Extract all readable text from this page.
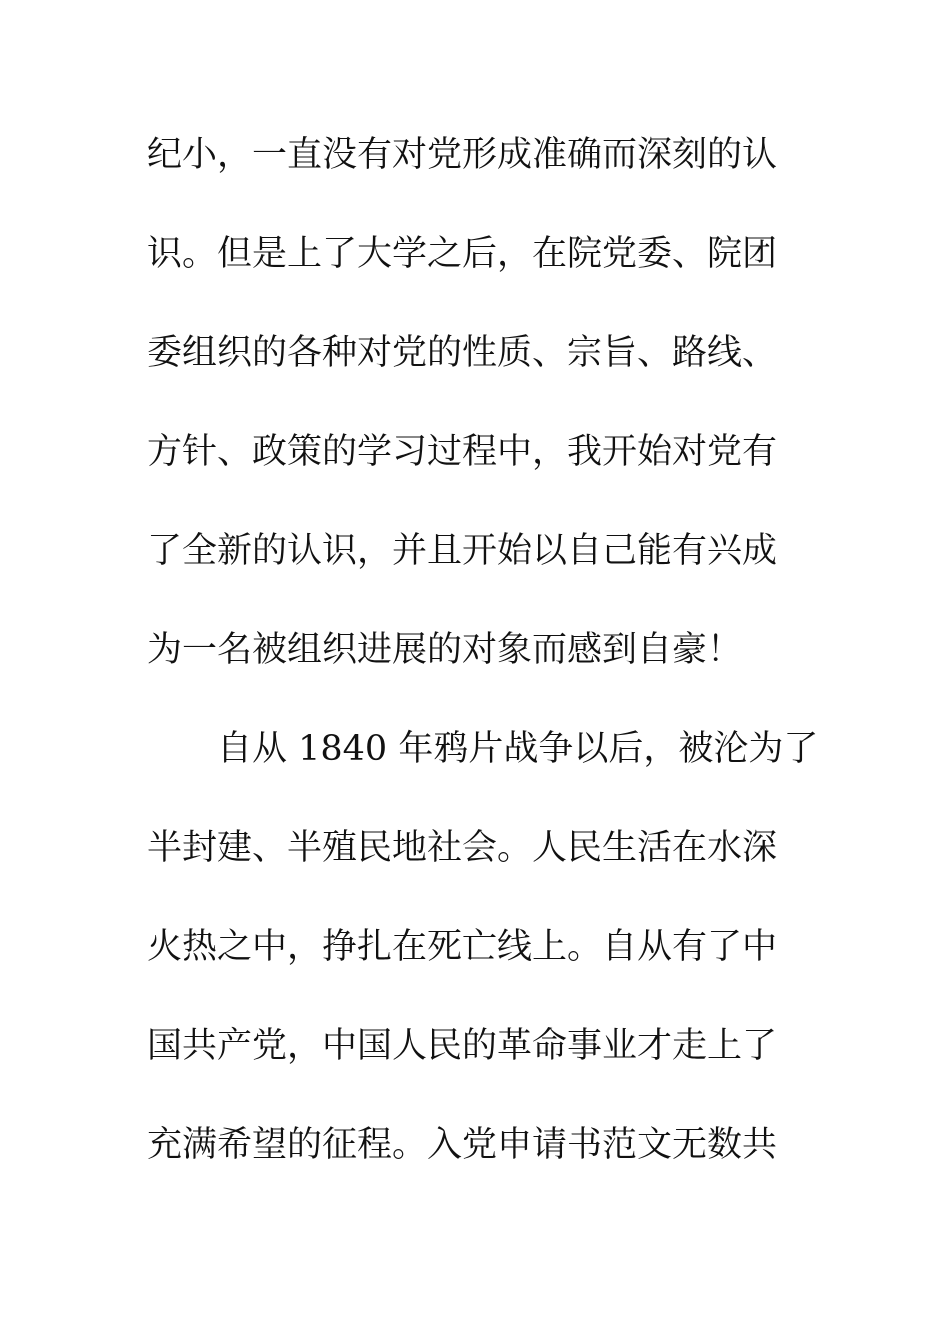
纪小，一直没有对党形成准确而深刻的认
识。但是上了大学之后，在院党委、院团
委组织的各种对党的性质、宗旨、路线、
方针、政策的学习过程中，我开始对党有
了全新的认识，并且开始以自己能有兴成
为一名被组织进展的对象而感到自豪！
自从 1840 年鸦片战争以后，被沦为了
半封建、半殖民地社会。人民生活在水深
火热之中，挣扎在死亡线上。自从有了中
国共产党，中国人民的革命事业才走上了
充满希望的征程。入党申请书范文无数共
